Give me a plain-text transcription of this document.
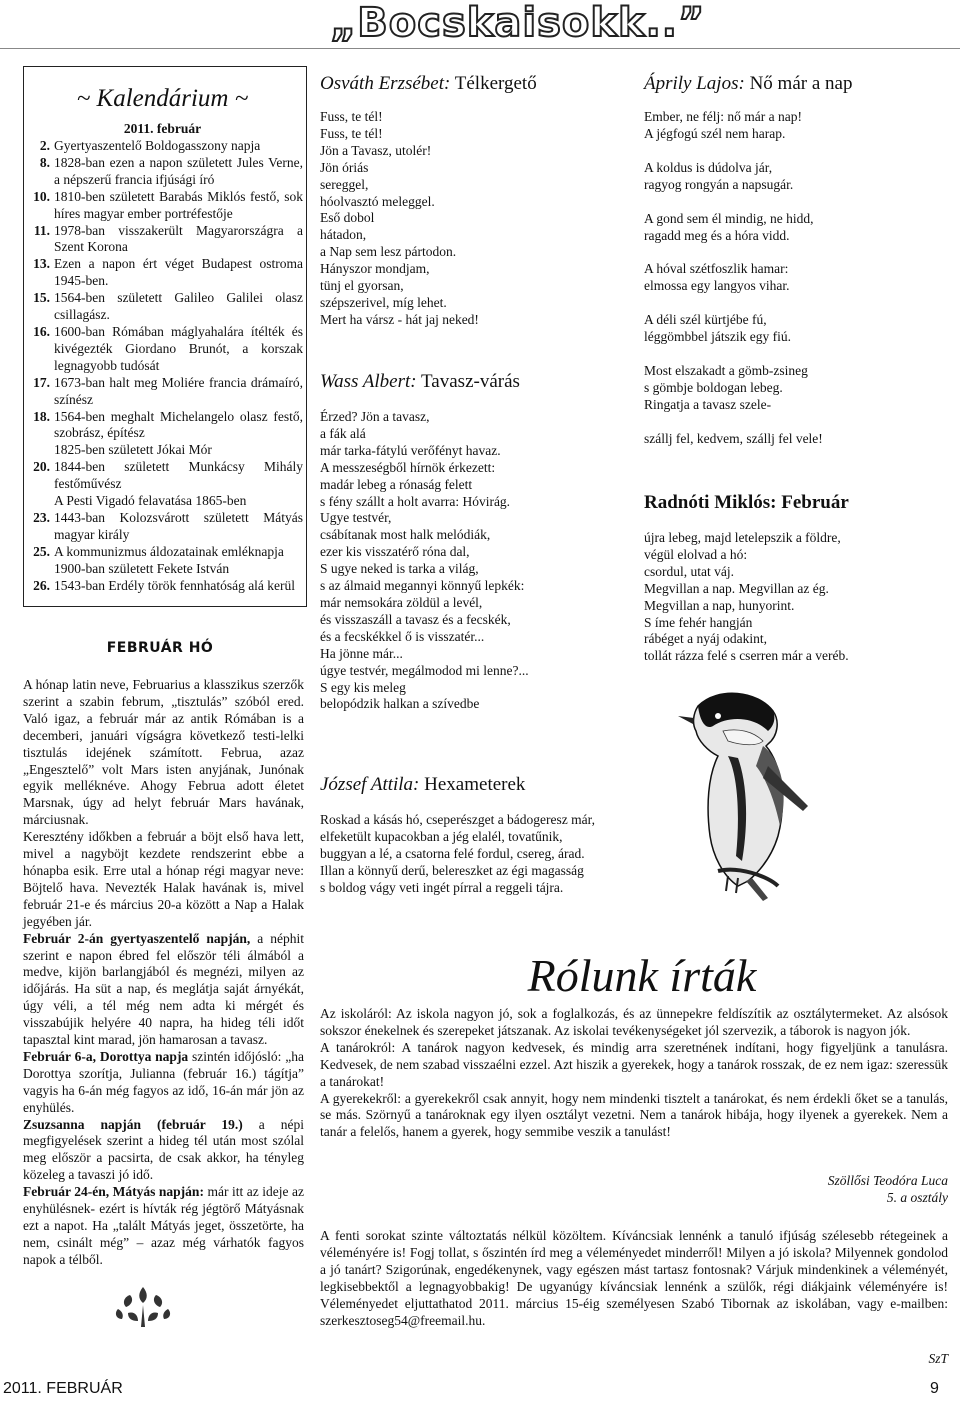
„Bocskaisokk..”
~ Kalendárium ~
2011. február
2. Gyertyaszentelő Boldogasszony napja
8. 1828-ban ezen a napon született Jules Verne, a népszerű francia ifjúsági író
10. 1810-ben született Barabás Miklós festő, sok híres magyar ember portréfestője
11. 1978-ban visszakerült Magyarországra a Szent Korona
13. Ezen a napon ért véget Budapest ostroma 1945-ben.
15. 1564-ben született Galileo Galilei olasz csillagász.
16. 1600-ban Rómában máglyahalára ítélték és kivégezték Giordano Brunót, a korszak legnagyobb tudósát
17. 1673-ban halt meg Moliére francia drámaíró, színész
18. 1564-ben meghalt Michelangelo olasz festő, szobrász, építész
1825-ben született Jókai Mór
20. 1844-ben született Munkácsy Mihály festőművész
A Pesti Vigadó felavatása 1865-ben
23. 1443-ban Kolozsvárott született Mátyás magyar király
25. A kommunizmus áldozatainak emléknapja
1900-ban született Fekete István
26. 1543-ban Erdély török fennhatóság alá kerül
FEBRUÁR HÓ

A hónap latin neve, Februarius a klasszikus szerzők szerint a szabin februm, „tisztulás” szóból ered. Való igaz, a február már az antik Rómában is a decemberi, januári vígságra következő testi-lelki tisztulás idejének számított. Februa, azaz „Engesztelő” volt Mars isten anyjának, Junónak egyik melléknéve. Ahogy Februa adott életet Marsnak, úgy ad helyt február Mars havának, márciusnak.

Keresztény időkben a február a böjt első hava lett, mivel a nagyböjt kezdete rendszerint ebbe a hónapba esik. Erre utal a hónap régi magyar neve: Böjtelő hava. Nevezték Halak havának is, mivel február 21-e és március 20-a között a Nap a Halak jegyében jár.

Február 2-án gyertyaszentelő napján, a néphit szerint e napon ébred fel először téli álmából a medve, kijön barlangjából és megnézi, milyen az időjárás. Ha süt a nap, és meglátja saját árnyékát, úgy véli, a tél még nem adta ki mérgét és visszabújik helyére 40 napra, ha hideg téli időt tapasztal kint marad, jön hamarosan a tavasz.

Február 6-a, Dorottya napja szintén időjósló: „ha Dorottya szorítja, Julianna (február 16.) tágítja” vagyis ha 6-án még fagyos az idő, 16-án már jön az enyhülés.

Zsuzsanna napján (február 19.) a népi megfigyelések szerint a hideg tél után most szólal meg először a pacsirta, de csak akkor, ha tényleg közeleg a tavaszi jó idő.

Február 24-én, Mátyás napján: már itt az ideje az enyhülésnek- ezért is hívták rég jégtörő Mátyásnak ezt a napot. Ha „talált Mátyás jeget, összetörte, ha nem, csinált még” – azaz még várhatók fagyos napok a télből.

Osváth Erzsébet: Télkergető
Fuss, te tél!
Fuss, te tél!
Jön a Tavasz, utolér!
Jön óriás
sereggel,
hóolvasztó meleggel.
Eső dobol
hátadon,
a Nap sem lesz pártodon.
Hányszor mondjam,
tünj el gyorsan,
szépszerivel, míg lehet.
Mert ha vársz - hát jaj neked!
Wass Albert: Tavasz-várás
Érzed? Jön a tavasz,
a fák alá
már tarka-fátylú verőfényt havaz.
A messzeségből hírnök érkezett:
madár lebeg a rónaság felett
s fény szállt a holt avarra: Hóvirág.
Ugye testvér,
csábítanak most halk melódiák,
ezer kis visszatérő róna dal,
S ugye neked is tarka a világ,
s az álmaid megannyi könnyű lepkék:
már nemsokára zöldül a levél,
és visszaszáll a tavasz és a fecskék,
és a fecskékkel ő is visszatér...
Ha jönne már...
úgye testvér, megálmodod mi lenne?...
S egy kis meleg
belopódzik halkan a szívedbe
József Attila: Hexameterek
Roskad a kásás hó, cseperészget a bádogeresz már,
elfeketült kupacokban a jég elalél, tovatűnik,
buggyan a lé, a csatorna felé fordul, csereg, árad.
Illan a könnyű derű, belereszket az égi magasság
s boldog vágy veti ingét pírral a reggeli tájra.
Áprily Lajos: Nő már a nap
Ember, ne félj: nő már a nap!
A jégfogú szél nem harap.
A koldus is dúdolva jár,
ragyog rongyán a napsugár.
A gond sem él mindig, ne hidd,
ragadd meg és a hóra vidd.
A hóval szétfoszlik hamar:
elmossa egy langyos vihar.
A déli szél kürtjébe fú,
léggömbbel játszik egy fiú.
Most elszakadt a gömb-zsineg
s gömbje boldogan lebeg.
Ringatja a tavasz szele-
szállj fel, kedvem, szállj fel vele!
Radnóti Miklós: Február
újra lebeg, majd letelepszik a földre,
végül elolvad a hó:
csordul, utat váj.
Megvillan a nap. Megvillan az ég.
Megvillan a nap, hunyorint.
S íme fehér hangján
rábéget a nyáj odakint,
tollát rázza felé s cserren már a veréb.
Rólunk írták

Az iskoláról: Az iskola nagyon jó, sok a foglalkozás, és az ünnepekre feldíszítik az osztálytermeket. Az alsósok sokszor énekelnek és szerepeket játszanak. Az iskolai tevékenységeket jól szervezik, a táborok is nagyon jók.

A tanárokról: A tanárok nagyon kedvesek, és mindig arra szeretnének indítani, hogy figyeljünk a tanulásra. Kedvesek, de nem szabad visszaélni ezzel. Azt hiszik a gyerekek, hogy a tanárok rosszak, de ez nem igaz: szeressük a tanárokat!

A gyerekekről: a gyerekekről csak annyit, hogy nem mindenki tisztelt a tanárokat, és nem érdekli őket se a tanulás, se más. Szörnyű a tanároknak egy ilyen osztályt vezetni. Nem a tanárok hibája, hogy ilyenek a gyerekek. Nem a tanár a felelős, hanem a gyerek, hogy semmibe veszik a tanulást!

Szöllősi Teodóra Luca
5. a osztály
A fenti sorokat szinte változtatás nélkül közöltem. Kíváncsiak lennénk a tanuló ifjúság szélesebb rétegeinek a véleményére is! Fogj tollat, s őszintén írd meg a véleményedet minderről! Milyen a jó iskola? Milyennek gondolod a jó tanárt? Szigorúnak, engedékenynek, vagy egészen mást tartasz fontosnak? Várjuk mindenkinek a véleményét, legkisebbektől a legnagyobbakig! De ugyanúgy kíváncsiak lennénk a szülők, régi diákjaink véleményére is! Véleményedet eljuttathatod 2011. március 15-éig személyesen Szabó Tibornak az iskolában, vagy e-mailben: szerkesztoseg54@freemail.hu.
SzT
2011. FEBRUÁR	9
